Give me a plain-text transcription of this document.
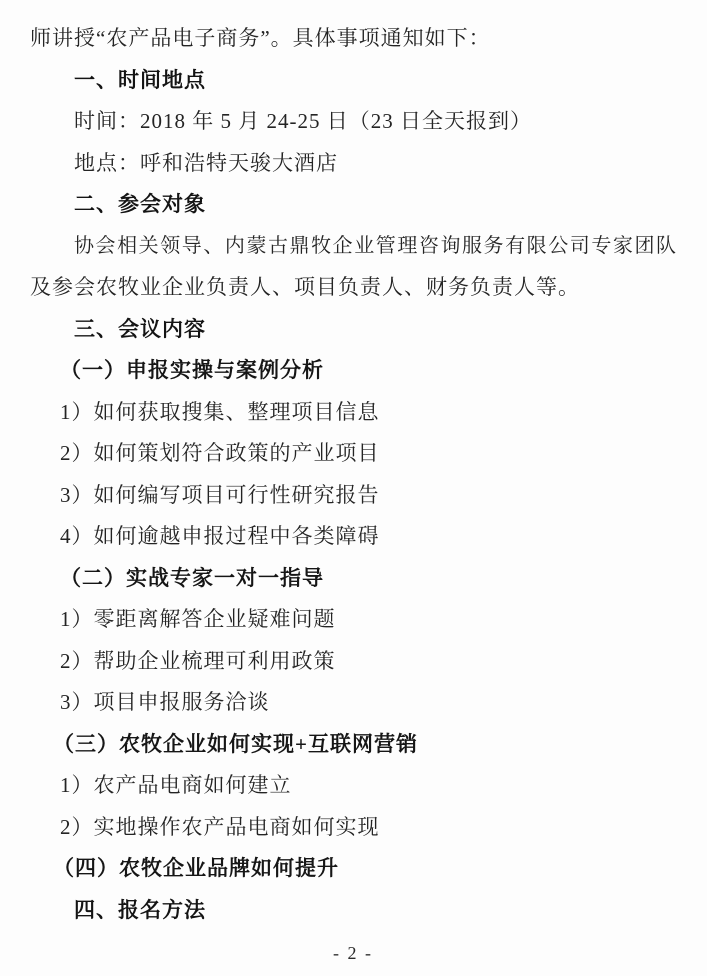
师讲授“农产品电子商务”。具体事项通知如下：
一、时间地点
时间：2018 年 5 月 24-25 日（23 日全天报到）
地点：呼和浩特天骏大酒店
二、参会对象
协会相关领导、内蒙古鼎牧企业管理咨询服务有限公司专家团队
及参会农牧业企业负责人、项目负责人、财务负责人等。
三、会议内容
（一）申报实操与案例分析
1）如何获取搜集、整理项目信息
2）如何策划符合政策的产业项目
3）如何编写项目可行性研究报告
4）如何逾越申报过程中各类障碍
（二）实战专家一对一指导
1）零距离解答企业疑难问题
2）帮助企业梳理可利用政策
3）项目申报服务洽谈
（三）农牧企业如何实现+互联网营销
1）农产品电商如何建立
2）实地操作农产品电商如何实现
（四）农牧企业品牌如何提升
四、报名方法
- 2 -
